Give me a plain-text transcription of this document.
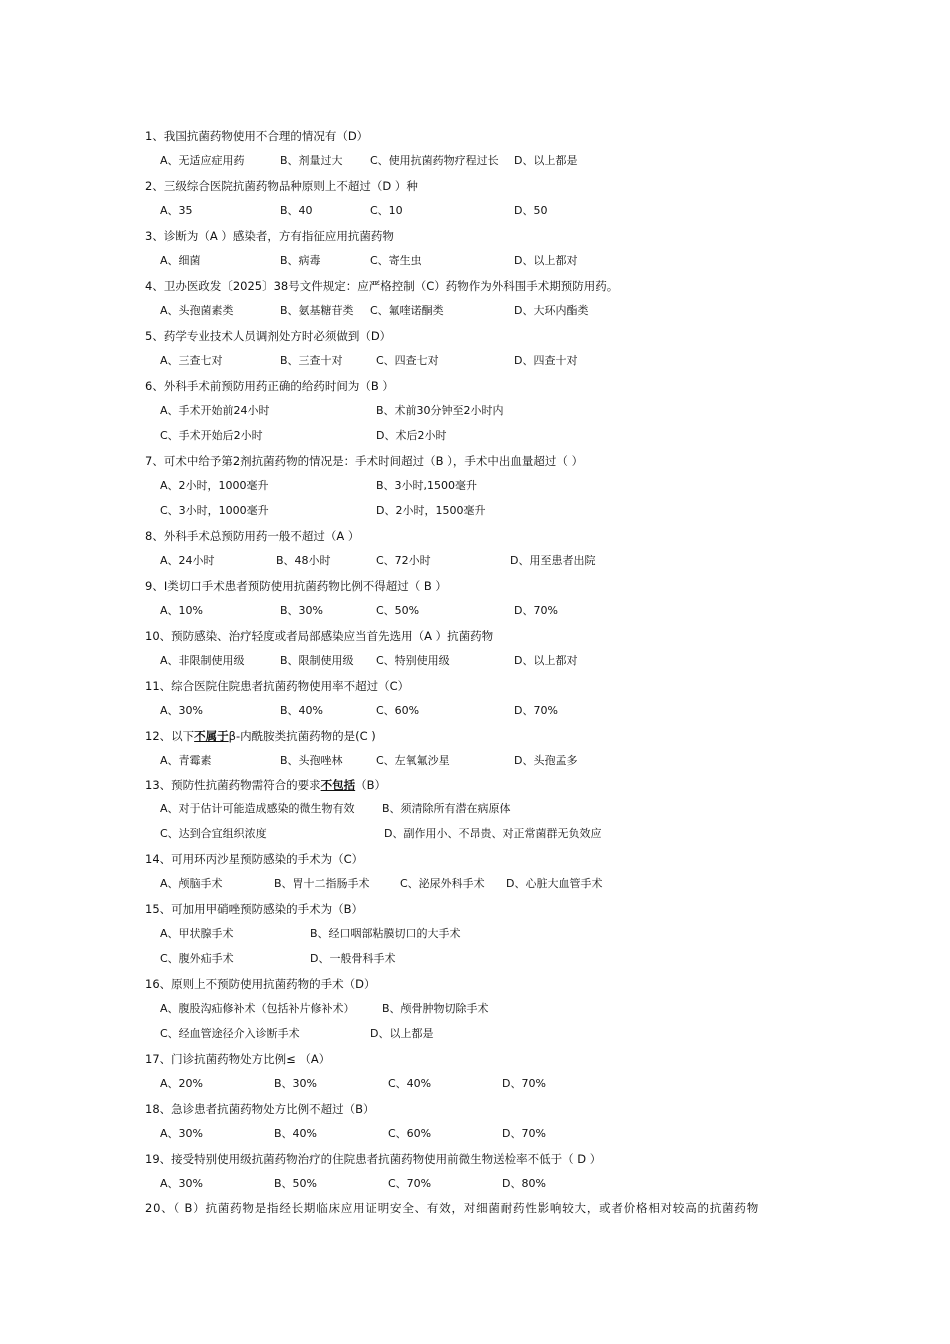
1、我国抗菌药物使用不合理的情况有（D）
A、无适应症用药	B、剂量过大 C、使用抗菌药物疗程过长 D、以上都是
2、三级综合医院抗菌药物品种原则上不超过（D ）种
A、35	B、40	C、10	D、50
3、诊断为（A ）感染者，方有指征应用抗菌药物
A、细菌	B、病毒	C、寄生虫	D、以上都对
4、卫办医政发〔2025〕38号文件规定：应严格控制（C）药物作为外科围手术期预防用药。
A、头孢菌素类	B、氨基糖苷类 C、氟喹诺酮类	D、大环内酯类
5、药学专业技术人员调剂处方时必须做到（D）
A、三查七对	B、三查十对	C、四查七对	D、四查十对
6、外科手术前预防用药正确的给药时间为（B ）
A、手术开始前24小时	B、术前30分钟至2小时内
C、手术开始后2小时	D、术后2小时
7、可术中给予第2剂抗菌药物的情况是：手术时间超过（B ），手术中出血量超过（ ）
A、2小时，1000毫升	B、3小时,1500毫升
C、3小时，1000毫升	D、2小时，1500毫升
8、外科手术总预防用药一般不超过（A ）
A、24小时	B、48小时	C、72小时	D、用至患者出院
9、Ⅰ类切口手术患者预防使用抗菌药物比例不得超过（ B ）
A、10%	B、30%	C、50%	D、70%
10、预防感染、治疗轻度或者局部感染应当首先选用（A ）抗菌药物
A、非限制使用级	B、限制使用级 C、特别使用级	D、以上都对
11、综合医院住院患者抗菌药物使用率不超过（C）
A、30%	B、40%	C、60%	D、70%
12、以下不属于β-内酰胺类抗菌药物的是(C )
A、青霉素	B、头孢唑林	C、左氧氟沙星	D、头孢孟多
13、预防性抗菌药物需符合的要求不包括（B）
A、对于估计可能造成感染的微生物有效 B、须清除所有潜在病原体
C、达到合宜组织浓度	D、副作用小、不昂贵、对正常菌群无负效应
14、可用环丙沙星预防感染的手术为（C）
A、颅脑手术	B、胃十二指肠手术	C、泌尿外科手术 D、心脏大血管手术
15、可加用甲硝唑预防感染的手术为（B）
A、甲状腺手术	B、经口咽部粘膜切口的大手术
C、腹外疝手术	D、一般骨科手术
16、原则上不预防使用抗菌药物的手术（D）
A、腹股沟疝修补术（包括补片修补术） B、颅骨肿物切除手术
C、经血管途径介入诊断手术	D、以上都是
17、门诊抗菌药物处方比例≤ （A）
A、20%	B、30%	C、40%	D、70%
18、急诊患者抗菌药物处方比例不超过（B）
A、30%	B、40%	C、60%	D、70%
19、接受特别使用级抗菌药物治疗的住院患者抗菌药物使用前微生物送检率不低于（ D ）
A、30%	B、50%	C、70%	D、80%
20、（ B）抗菌药物是指经长期临床应用证明安全、有效，对细菌耐药性影响较大，或者价格相对较高的抗菌药物
